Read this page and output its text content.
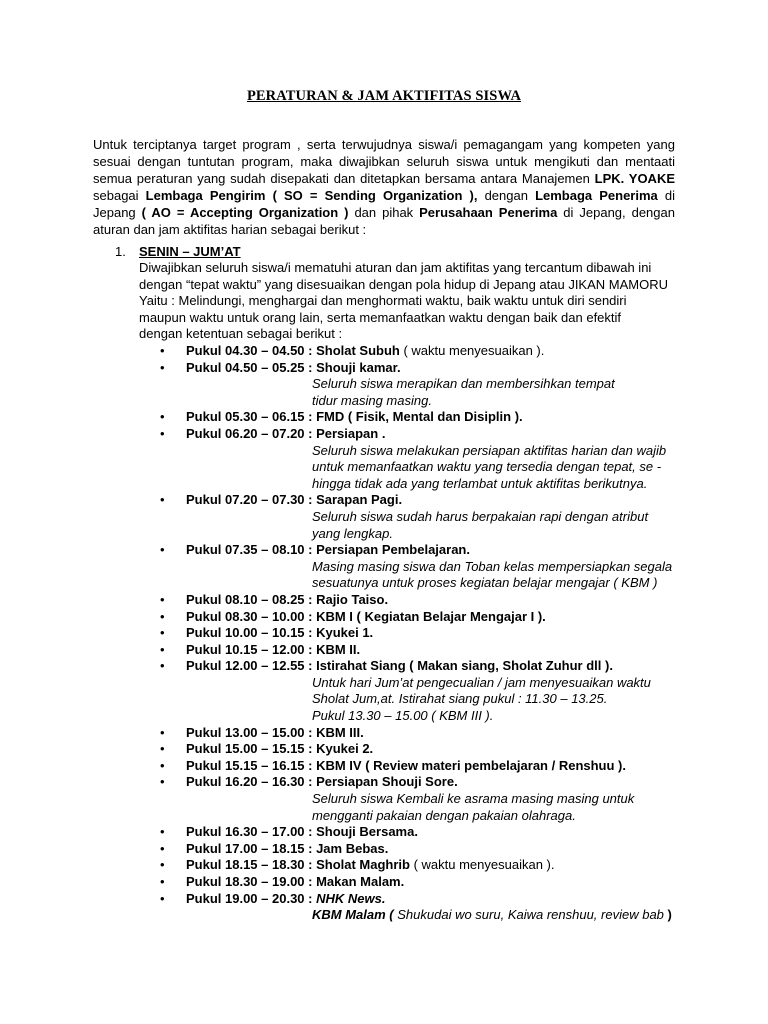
PERATURAN & JAM AKTIFITAS SISWA
Untuk terciptanya target program , serta terwujudnya siswa/i pemagangam yang kompeten yang sesuai dengan tuntutan program, maka diwajibkan seluruh siswa untuk mengikuti dan mentaati semua peraturan yang sudah disepakati dan ditetapkan bersama antara Manajemen LPK. YOAKE sebagai Lembaga Pengirim ( SO = Sending Organization ), dengan Lembaga Penerima di Jepang ( AO = Accepting Organization ) dan pihak Perusahaan Penerima di Jepang, dengan aturan dan jam aktifitas harian sebagai berikut :
1. SENIN – JUM’AT
Diwajibkan seluruh siswa/i mematuhi aturan dan jam aktifitas yang tercantum dibawah ini
dengan “tepat waktu” yang disesuaikan dengan pola hidup di Jepang atau JIKAN MAMORU
Yaitu : Melindungi, menghargai dan menghormati waktu, baik waktu untuk diri sendiri
maupun waktu untuk orang lain, serta memanfaatkan waktu dengan baik dan efektif
dengan ketentuan sebagai berikut :
•
Pukul 04.30 – 04.50 : Sholat Subuh ( waktu menyesuaikan ).
•
Pukul 04.50 – 05.25 : Shouji kamar.
Seluruh siswa merapikan dan membersihkan tempat
tidur masing masing.
•
Pukul 05.30 – 06.15 : FMD ( Fisik, Mental dan Disiplin ).
•
Pukul 06.20 – 07.20 : Persiapan .
Seluruh siswa melakukan persiapan aktifitas harian dan wajib
untuk memanfaatkan waktu yang tersedia dengan tepat, se -
hingga tidak ada yang terlambat untuk aktifitas berikutnya.
•
Pukul 07.20 – 07.30 : Sarapan Pagi.
Seluruh siswa sudah harus berpakaian rapi dengan atribut
yang lengkap.
•
Pukul 07.35 – 08.10 : Persiapan Pembelajaran.
Masing masing siswa dan Toban kelas mempersiapkan segala
sesuatunya untuk proses kegiatan belajar mengajar ( KBM )
•
Pukul 08.10 – 08.25 : Rajio Taiso.
•
Pukul 08.30 – 10.00 : KBM I ( Kegiatan Belajar Mengajar I ).
•
Pukul 10.00 – 10.15 : Kyukei 1.
•
Pukul 10.15 – 12.00 : KBM II.
•
Pukul 12.00 – 12.55 : Istirahat Siang ( Makan siang, Sholat Zuhur dll ).
Untuk hari Jum’at pengecualian / jam menyesuaikan waktu
Sholat Jum,at. Istirahat siang pukul : 11.30 – 13.25.
Pukul 13.30 – 15.00 ( KBM III ).
•
Pukul 13.00 – 15.00 : KBM III.
•
Pukul 15.00 – 15.15 : Kyukei 2.
•
Pukul 15.15 – 16.15 : KBM IV ( Review materi pembelajaran / Renshuu ).
•
Pukul 16.20 – 16.30 : Persiapan Shouji Sore.
Seluruh siswa Kembali ke asrama masing masing untuk
mengganti pakaian dengan pakaian olahraga.
•
Pukul 16.30 – 17.00 : Shouji Bersama.
•
Pukul 17.00 – 18.15 : Jam Bebas.
•
Pukul 18.15 – 18.30 : Sholat Maghrib ( waktu menyesuaikan ).
•
Pukul 18.30 – 19.00 : Makan Malam.
•
Pukul 19.00 – 20.30 : NHK News.
KBM Malam ( Shukudai wo suru, Kaiwa renshuu, review bab )
